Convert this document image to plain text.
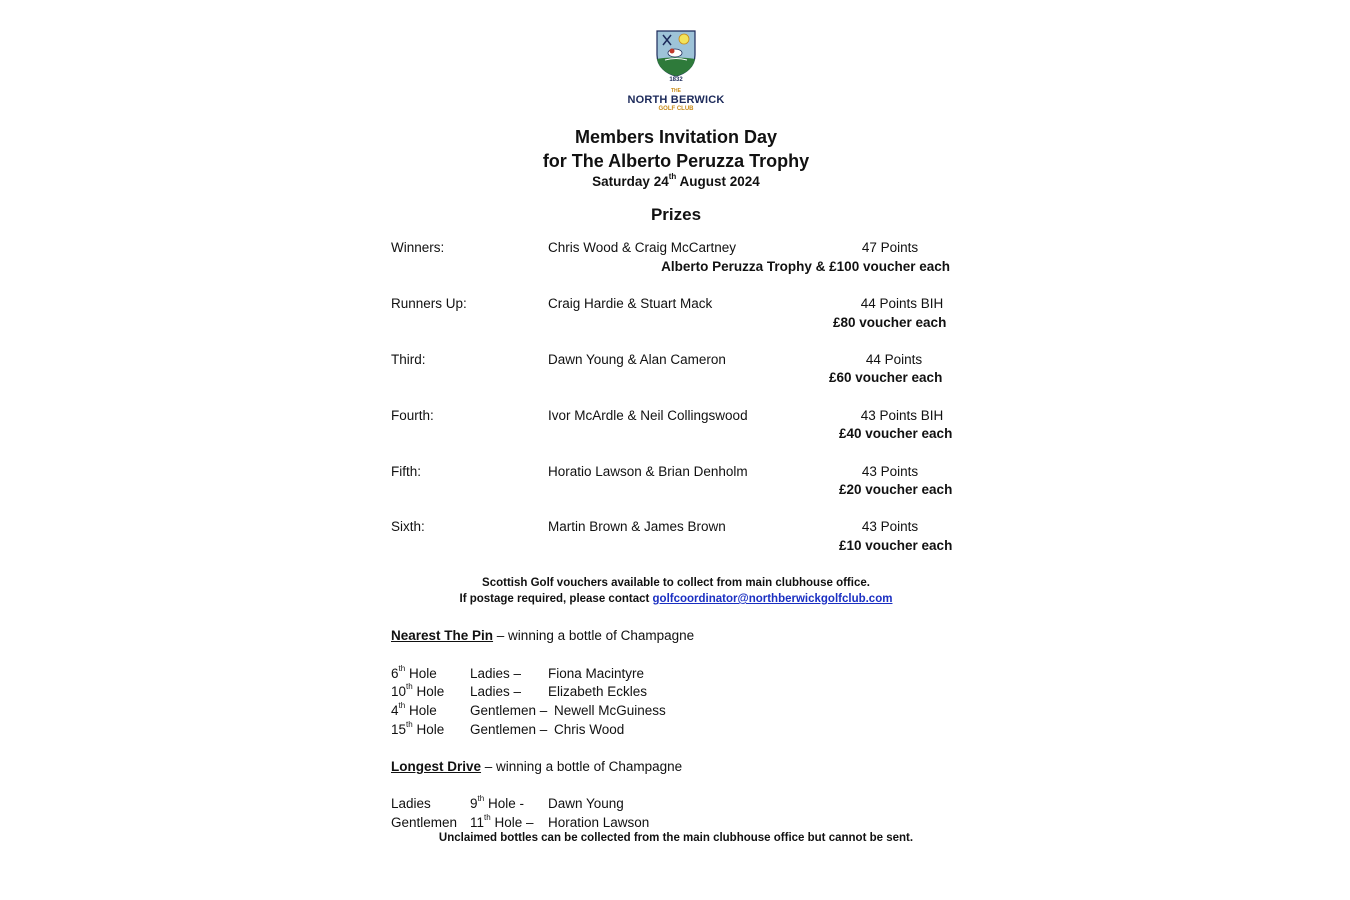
1832
THE
NORTH BERWICK
GOLF CLUB
Members Invitation Day
for The Alberto Peruzza Trophy
Saturday 24th August 2024
Prizes
Winners:	Chris Wood & Craig McCartney	47 Points
Alberto Peruzza Trophy & £100 voucher each
Runners Up:	Craig Hardie & Stuart Mack	44 Points BIH
£80 voucher each
Third:	Dawn Young & Alan Cameron	44 Points
£60 voucher each
Fourth:	Ivor McArdle & Neil Collingswood	43 Points BIH
£40 voucher each
Fifth:	Horatio Lawson & Brian Denholm	43 Points
£20 voucher each
Sixth:	Martin Brown & James Brown	43 Points
£10 voucher each
Scottish Golf vouchers available to collect from main clubhouse office.
If postage required, please contact golfcoordinator@northberwickgolfclub.com
Nearest The Pin – winning a bottle of Champagne
6th Hole Ladies – Fiona Macintyre
10th Hole Ladies – Elizabeth Eckles
4th Hole Gentlemen – Newell McGuiness
15th Hole Gentlemen – Chris Wood
Longest Drive – winning a bottle of Champagne
Ladies	9th Hole - Dawn Young
Gentlemen 11th Hole – Horation Lawson
Unclaimed bottles can be collected from the main clubhouse office but cannot be sent.
